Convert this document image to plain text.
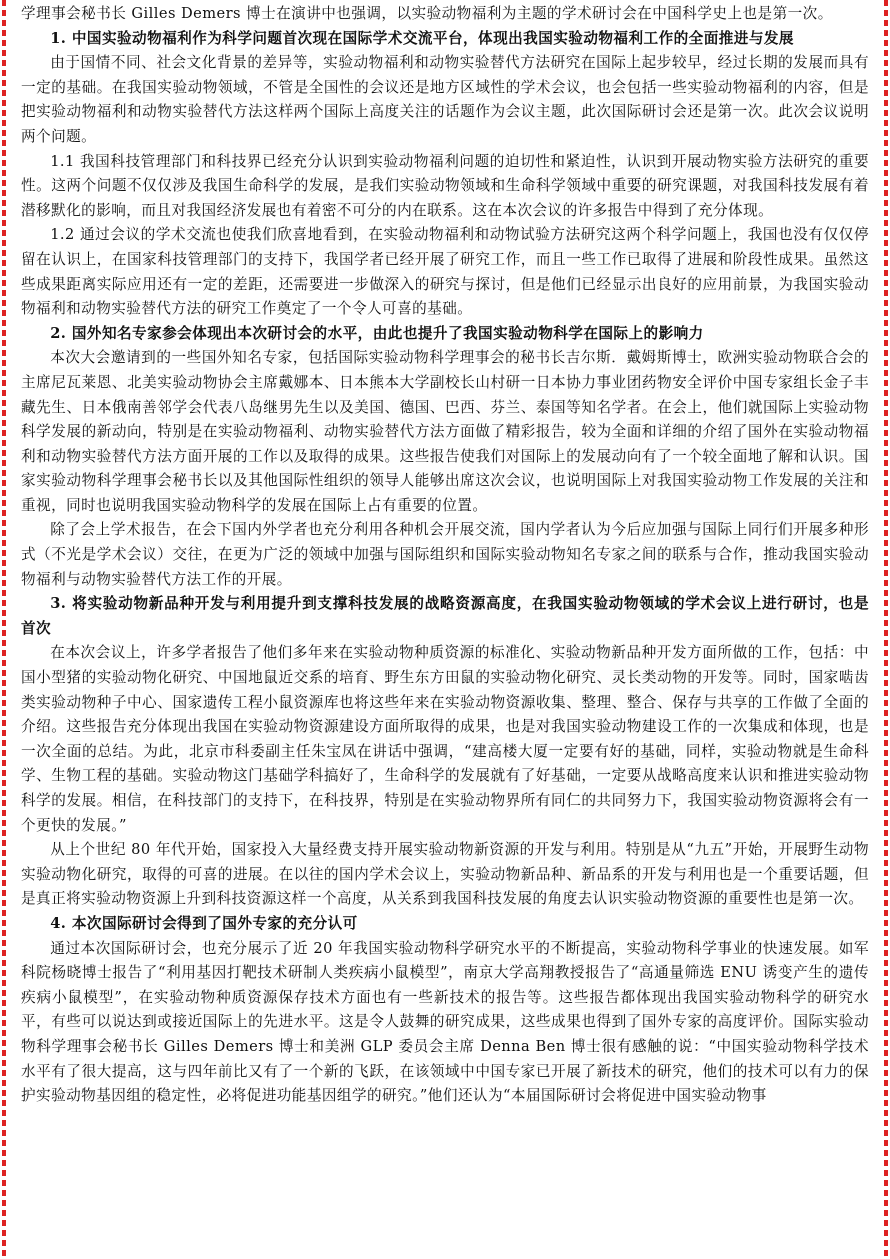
学理事会秘书长 Gilles Demers 博士在演讲中也强调，以实验动物福利为主题的学术研讨会在中国科学史上也是第一次。

1. 中国实验动物福利作为科学问题首次现在国际学术交流平台，体现出我国实验动物福利工作的全面推进与发展

由于国情不同、社会文化背景的差异等，实验动物福利和动物实验替代方法研究在国际上起步较早，经过长期的发展而具有一定的基础。在我国实验动物领域，不管是全国性的会议还是地方区域性的学术会议，也会包括一些实验动物福利的内容，但是把实验动物福利和动物实验替代方法这样两个国际上高度关注的话题作为会议主题，此次国际研讨会还是第一次。此次会议说明两个问题。

1.1 我国科技管理部门和科技界已经充分认识到实验动物福利问题的迫切性和紧迫性，认识到开展动物实验方法研究的重要性。这两个问题不仅仅涉及我国生命科学的发展，是我们实验动物领域和生命科学领域中重要的研究课题，对我国科技发展有着潜移默化的影响，而且对我国经济发展也有着密不可分的内在联系。这在本次会议的许多报告中得到了充分体现。

1.2 通过会议的学术交流也使我们欣喜地看到，在实验动物福利和动物试验方法研究这两个科学问题上，我国也没有仅仅停留在认识上，在国家科技管理部门的支持下，我国学者已经开展了研究工作，而且一些工作已取得了进展和阶段性成果。虽然这些成果距离实际应用还有一定的差距，还需要进一步做深入的研究与探讨，但是他们已经显示出良好的应用前景，为我国实验动物福利和动物实验替代方法的研究工作奠定了一个令人可喜的基础。

2. 国外知名专家参会体现出本次研讨会的水平，由此也提升了我国实验动物科学在国际上的影响力

本次大会邀请到的一些国外知名专家，包括国际实验动物科学理事会的秘书长吉尔斯．戴姆斯博士，欧洲实验动物联合会的主席尼瓦莱恩、北美实验动物协会主席戴娜本、日本熊本大学副校长山村研一日本协力事业团药物安全评价中国专家组长金子丰藏先生、日本俄南善邻学会代表八岛继男先生以及美国、德国、巴西、芬兰、泰国等知名学者。在会上，他们就国际上实验动物科学发展的新动向，特别是在实验动物福利、动物实验替代方法方面做了精彩报告，较为全面和详细的介绍了国外在实验动物福利和动物实验替代方法方面开展的工作以及取得的成果。这些报告使我们对国际上的发展动向有了一个较全面地了解和认识。国家实验动物科学理事会秘书长以及其他国际性组织的领导人能够出席这次会议，也说明国际上对我国实验动物工作发展的关注和重视，同时也说明我国实验动物科学的发展在国际上占有重要的位置。

除了会上学术报告，在会下国内外学者也充分利用各种机会开展交流，国内学者认为今后应加强与国际上同行们开展多种形式（不光是学术会议）交往，在更为广泛的领域中加强与国际组织和国际实验动物知名专家之间的联系与合作，推动我国实验动物福利与动物实验替代方法工作的开展。

3. 将实验动物新品种开发与利用提升到支撑科技发展的战略资源高度，在我国实验动物领域的学术会议上进行研讨，也是首次

在本次会议上，许多学者报告了他们多年来在实验动物种质资源的标准化、实验动物新品种开发方面所做的工作，包括：中国小型猪的实验动物化研究、中国地鼠近交系的培育、野生东方田鼠的实验动物化研究、灵长类动物的开发等。同时，国家啮齿类实验动物种子中心、国家遗传工程小鼠资源库也将这些年来在实验动物资源收集、整理、整合、保存与共享的工作做了全面的介绍。这些报告充分体现出我国在实验动物资源建设方面所取得的成果，也是对我国实验动物建设工作的一次集成和体现，也是一次全面的总结。为此，北京市科委副主任朱宝凤在讲话中强调，“建高楼大厦一定要有好的基础，同样，实验动物就是生命科学、生物工程的基础。实验动物这门基础学科搞好了，生命科学的发展就有了好基础，一定要从战略高度来认识和推进实验动物科学的发展。相信，在科技部门的支持下，在科技界，特别是在实验动物界所有同仁的共同努力下，我国实验动物资源将会有一个更快的发展。”

从上个世纪 80 年代开始，国家投入大量经费支持开展实验动物新资源的开发与利用。特别是从“九五”开始，开展野生动物实验动物化研究，取得的可喜的进展。在以往的国内学术会议上，实验动物新品种、新品系的开发与利用也是一个重要话题，但是真正将实验动物资源上升到科技资源这样一个高度，从关系到我国科技发展的角度去认识实验动物资源的重要性也是第一次。

4. 本次国际研讨会得到了国外专家的充分认可

通过本次国际研讨会，也充分展示了近 20 年我国实验动物科学研究水平的不断提高，实验动物科学事业的快速发展。如军科院杨晓博士报告了“利用基因打靶技术研制人类疾病小鼠模型”，南京大学高翔教授报告了“高通量筛选 ENU 诱变产生的遗传疾病小鼠模型”，在实验动物种质资源保存技术方面也有一些新技术的报告等。这些报告都体现出我国实验动物科学的研究水平，有些可以说达到或接近国际上的先进水平。这是令人鼓舞的研究成果，这些成果也得到了国外专家的高度评价。国际实验动物科学理事会秘书长 Gilles Demers 博士和美洲 GLP 委员会主席 Denna Ben 博士很有感触的说：“中国实验动物科学技术水平有了很大提高，这与四年前比又有了一个新的飞跃，在该领域中中国专家已开展了新技术的研究，他们的技术可以有力的保护实验动物基因组的稳定性，必将促进功能基因组学的研究。”他们还认为“本届国际研讨会将促进中国实验动物事
